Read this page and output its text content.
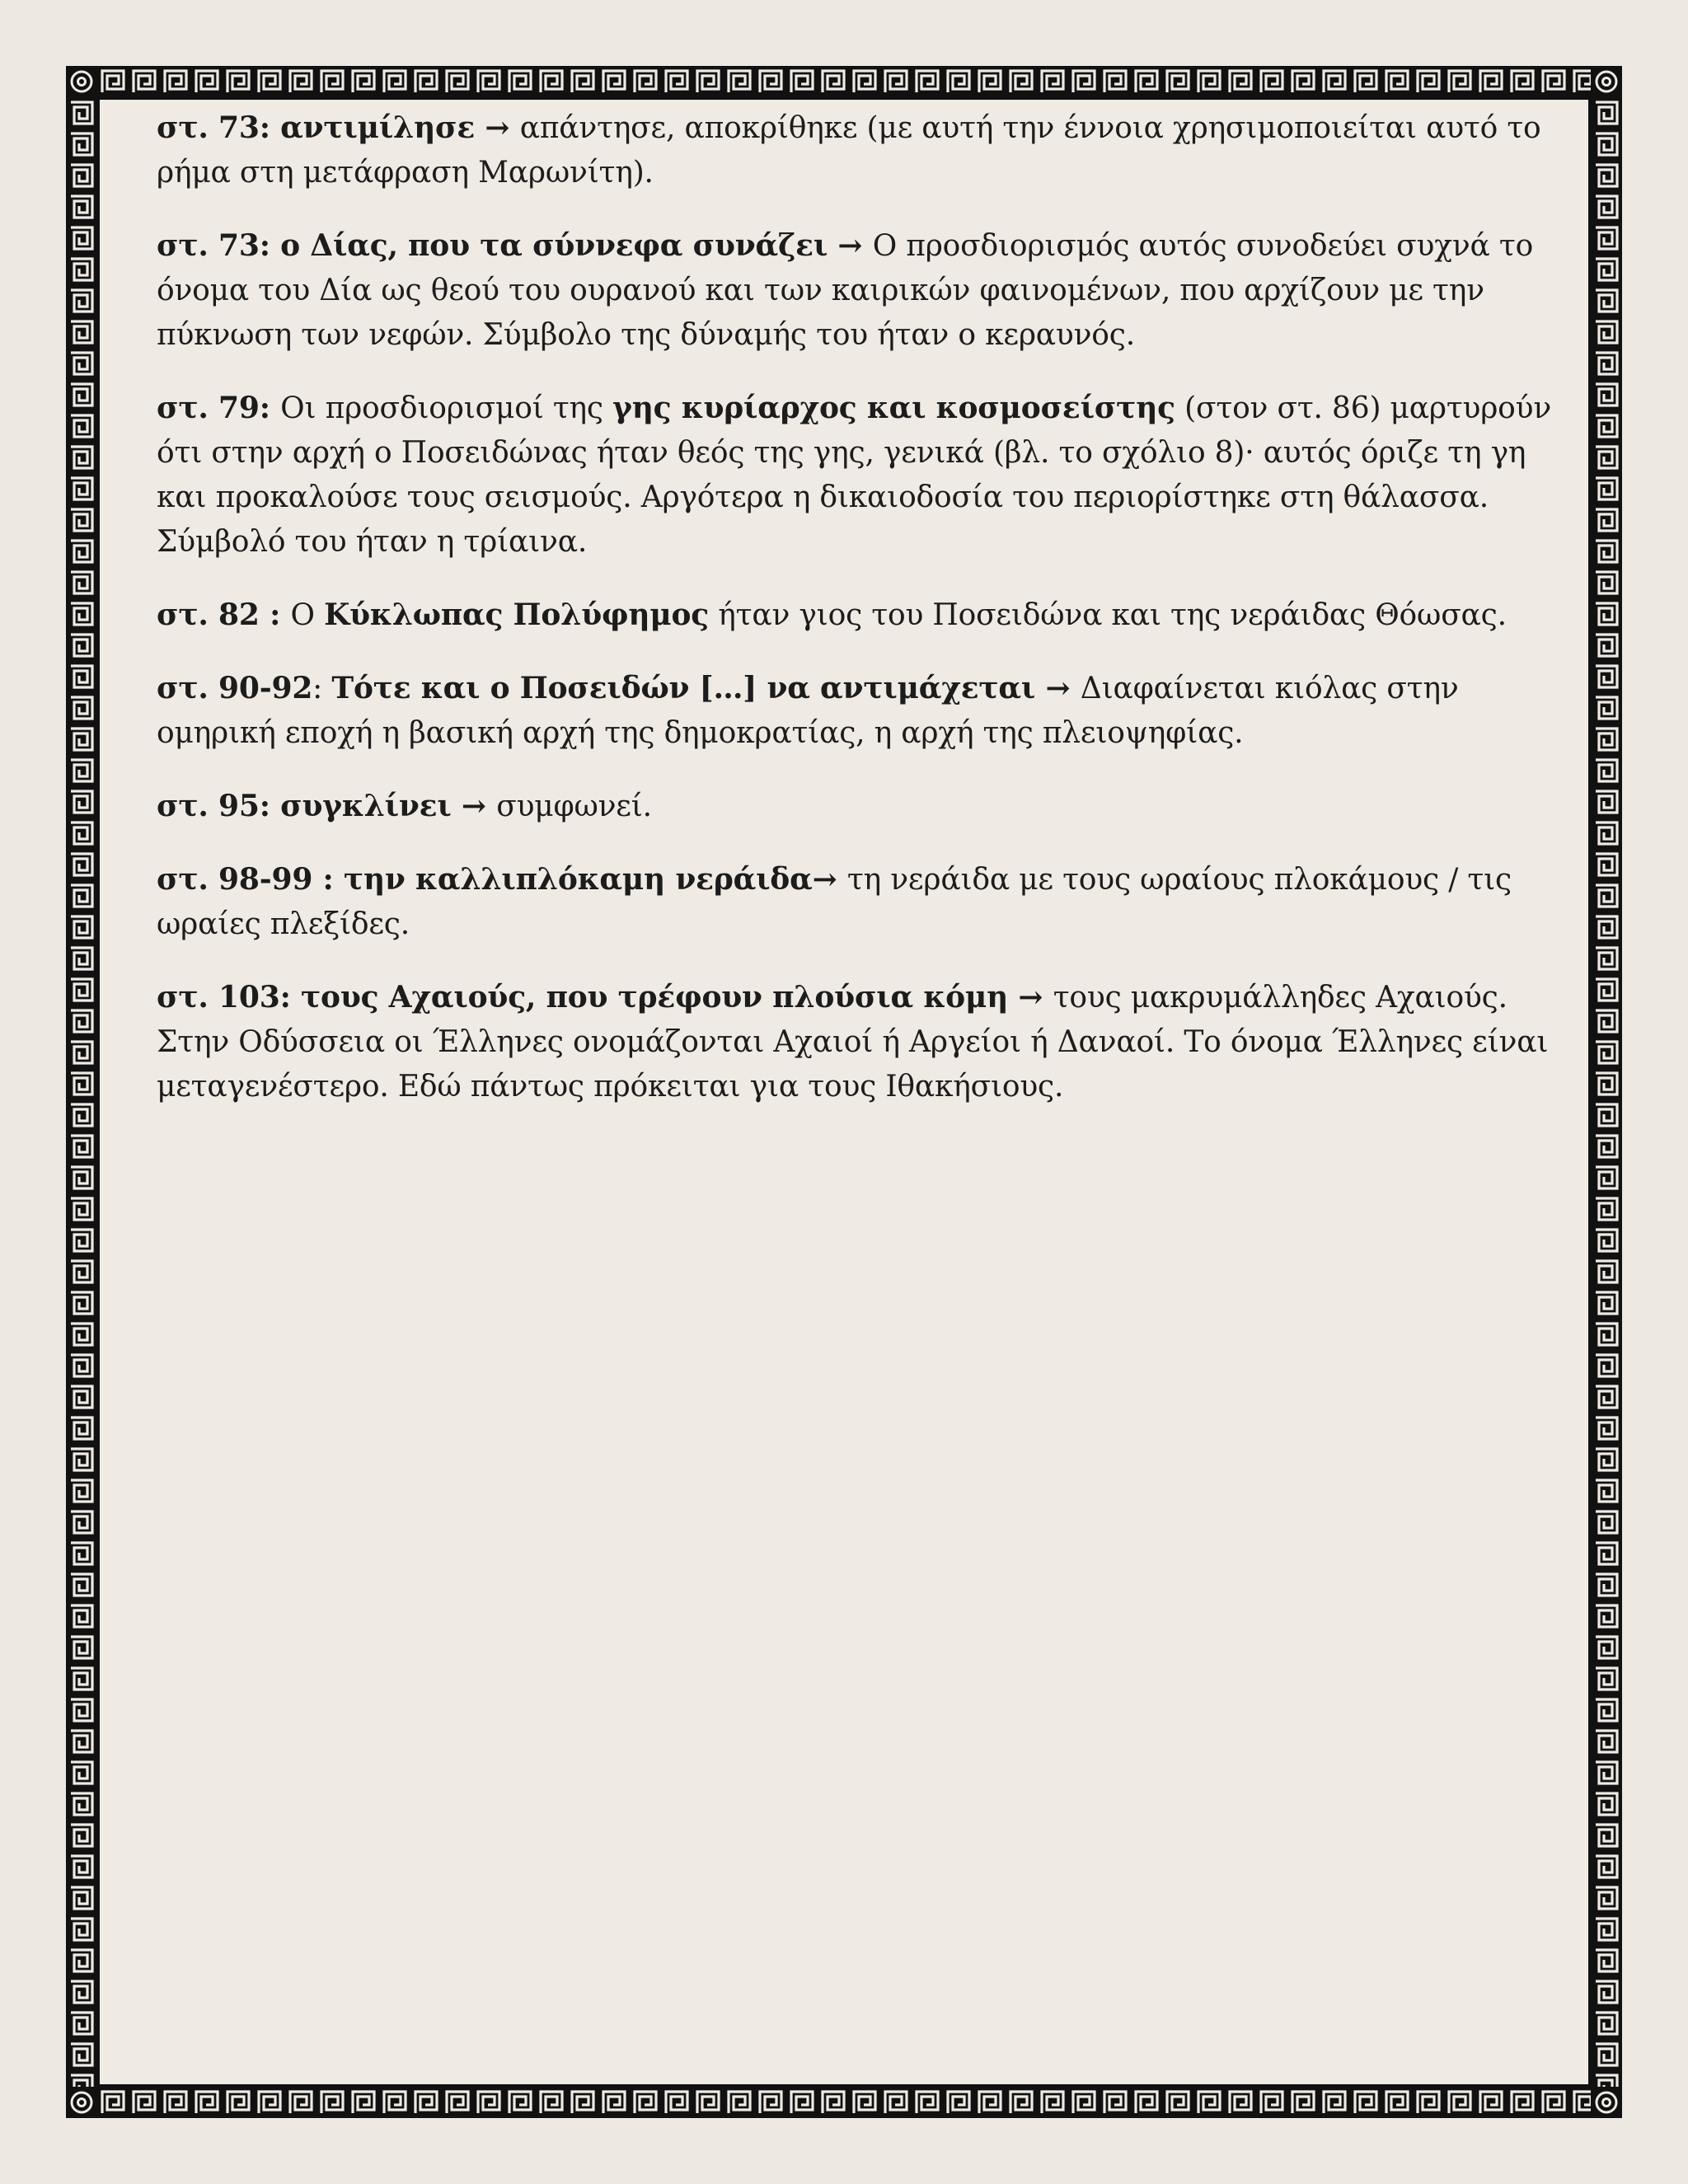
στ. 73: αντιμίλησε → απάντησε, αποκρίθηκε (με αυτή την έννοια χρησιμοποιείται αυτό το ρήμα στη μετάφραση Μαρωνίτη).

στ. 73: ο Δίας, που τα σύννεφα συνάζει → Ο προσδιορισμός αυτός συνοδεύει συχνά το όνομα του Δία ως θεού του ουρανού και των καιρικών φαινομένων, που αρχίζουν με την πύκνωση των νεφών. Σύμβολο της δύναμής του ήταν ο κεραυνός.

στ. 79: Οι προσδιορισμοί της γης κυρίαρχος και κοσμοσείστης (στον στ. 86) μαρτυρούν ότι στην αρχή ο Ποσειδώνας ήταν θεός της γης, γενικά (βλ. το σχόλιο 8)· αυτός όριζε τη γη και προκαλούσε τους σεισμούς. Αργότερα η δικαιοδοσία του περιορίστηκε στη θάλασσα. Σύμβολό του ήταν η τρίαινα.

στ. 82 : Ο Κύκλωπας Πολύφημος ήταν γιος του Ποσειδώνα και της νεράιδας Θόωσας.

στ. 90-92: Τότε και ο Ποσειδών […] να αντιμάχεται → Διαφαίνεται κιόλας στην ομηρική εποχή η βασική αρχή της δημοκρατίας, η αρχή της πλειοψηφίας.

στ. 95: συγκλίνει → συμφωνεί.

στ. 98-99 : την καλλιπλόκαμη νεράιδα→ τη νεράιδα με τους ωραίους πλοκάμους / τις ωραίες πλεξίδες.

στ. 103: τους Αχαιούς, που τρέφουν πλούσια κόμη → τους μακρυμάλληδες Αχαιούς. Στην Οδύσσεια οι Έλληνες ονομάζονται Αχαιοί ή Αργείοι ή Δαναοί. Το όνομα Έλληνες είναι μεταγενέστερο. Εδώ πάντως πρόκειται για τους Ιθακήσιους.
